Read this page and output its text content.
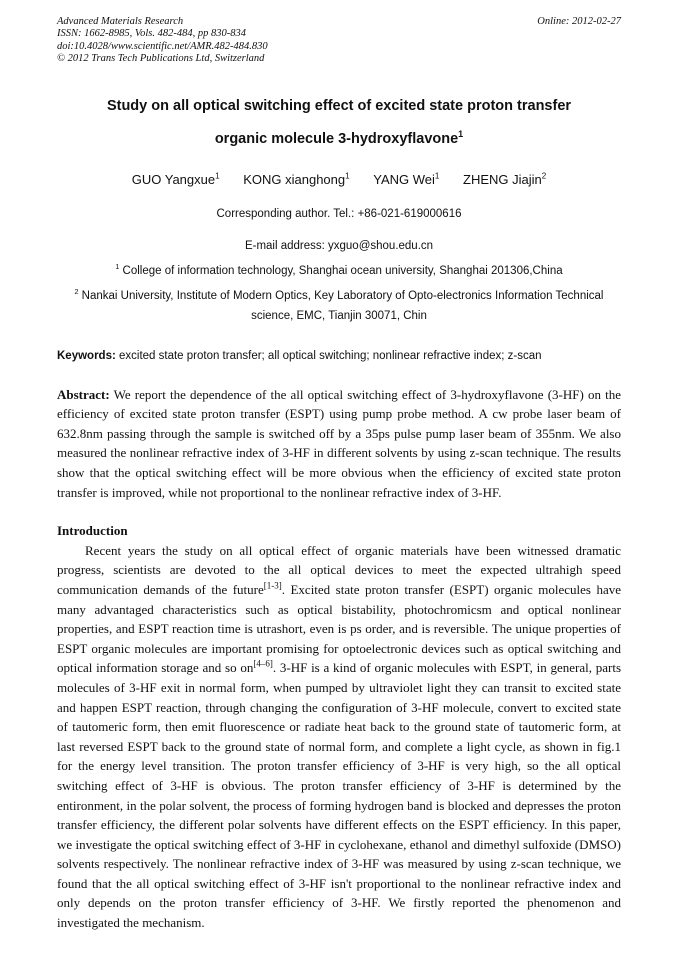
Advanced Materials Research
ISSN: 1662-8985, Vols. 482-484, pp 830-834
doi:10.4028/www.scientific.net/AMR.482-484.830
© 2012 Trans Tech Publications Ltd, Switzerland
Online: 2012-02-27
Study on all optical switching effect of excited state proton transfer
organic molecule 3-hydroxyflavone$^1$

GUO Yangxue$^1$ KONG xianghong$^1$ YANG Wei$^1$ ZHENG Jiajin$^2$

Corresponding author. Tel.: +86-021-619000616

E-mail address: yxguo@shou.edu.cn

$^1$ College of information technology, Shanghai ocean university, Shanghai 201306,China

$^2$ Nankai University, Institute of Modern Optics, Key Laboratory of Opto-electronics Information Technical science, EMC, Tianjin 30071, Chin

Keywords: excited state proton transfer; all optical switching; nonlinear refractive index; z-scan

Abstract: We report the dependence of the all optical switching effect of 3-hydroxyflavone (3-HF) on the efficiency of excited state proton transfer (ESPT) using pump probe method. A cw probe laser beam of 632.8nm passing through the sample is switched off by a 35ps pulse pump laser beam of 355nm. We also measured the nonlinear refractive index of 3-HF in different solvents by using z-scan technique. The results show that the optical switching effect will be more obvious when the efficiency of excited state proton transfer is improved, while not proportional to the nonlinear refractive index of 3-HF.

Introduction

Recent years the study on all optical effect of organic materials have been witnessed dramatic progress, scientists are devoted to the all optical devices to meet the expected ultrahigh speed communication demands of the future[1-3]. Excited state proton transfer (ESPT) organic molecules have many advantaged characteristics such as optical bistability, photochromicsm and optical nonlinear properties, and ESPT reaction time is utrashort, even is ps order, and is reversible. The unique properties of ESPT organic molecules are important promising for optoelectronic devices such as optical switching and optical information storage and so on[4–6]. 3-HF is a kind of organic molecules with ESPT, in general, parts molecules of 3-HF exit in normal form, when pumped by ultraviolet light they can transit to excited state and happen ESPT reaction, through changing the configuration of 3-HF molecule, convert to excited state of tautomeric form, then emit fluorescence or radiate heat back to the ground state of tautomeric form, at last reversed ESPT back to the ground state of normal form, and complete a light cycle, as shown in fig.1 for the energy level transition. The proton transfer efficiency of 3-HF is very high, so the all optical switching effect of 3-HF is obvious. The proton transfer efficiency of 3-HF is determined by the entironment, in the polar solvent, the process of forming hydrogen band is blocked and depresses the proton transfer efficiency, the different polar solvents have different effects on the ESPT efficiency. In this paper, we investigate the optical switching effect of 3-HF in cyclohexane, ethanol and dimethyl sulfoxide (DMSO) solvents respectively. The nonlinear refractive index of 3-HF was measured by using z-scan technique, we found that the all optical switching effect of 3-HF isn't proportional to the nonlinear refractive index and only depends on the proton transfer efficiency of 3-HF. We firstly reported the phenomenon and investigated the mechanism.
